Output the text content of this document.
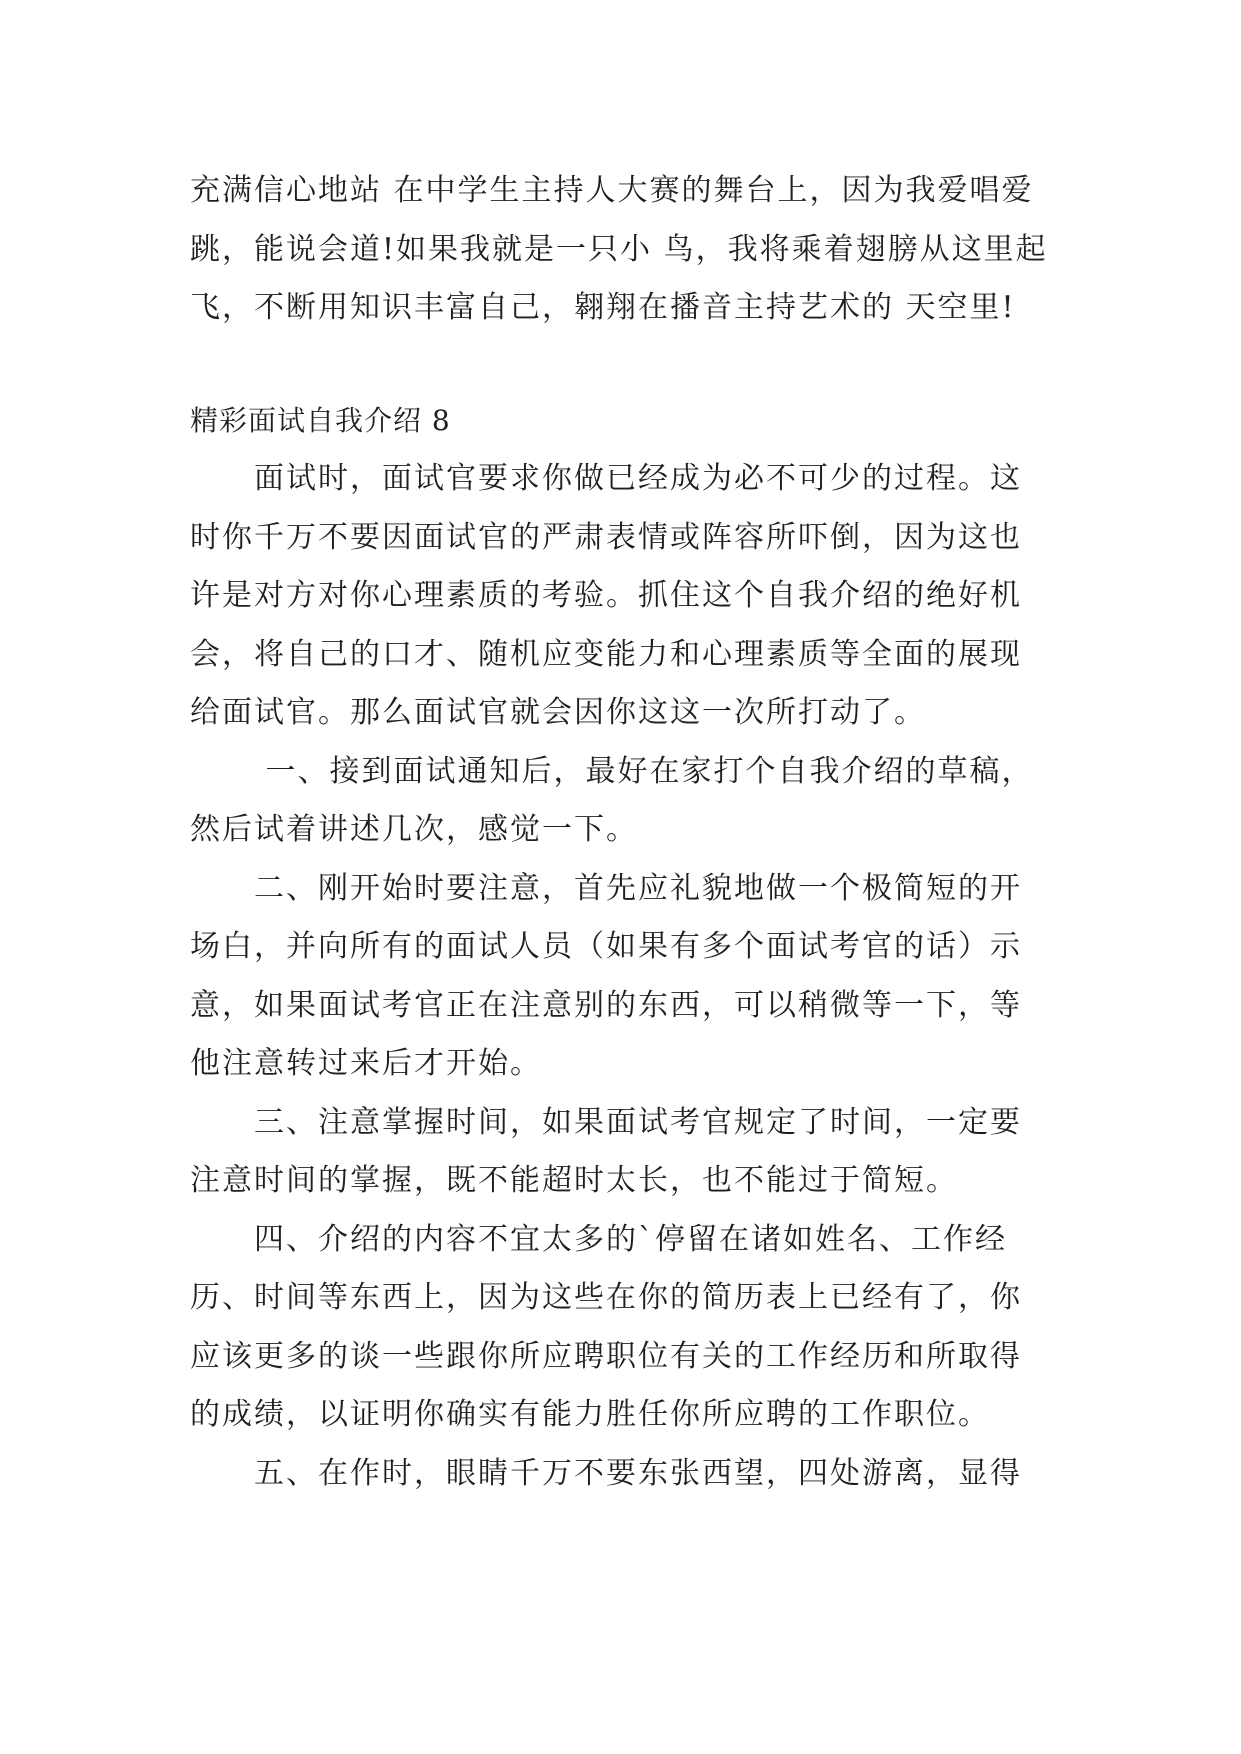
充满信心地站 在中学生主持人大赛的舞台上，因为我爱唱爱跳，能说会道!如果我就是一只小 鸟，我将乘着翅膀从这里起飞，不断用知识丰富自己，翱翔在播音主持艺术的 天空里!

精彩面试自我介绍 8

面试时，面试官要求你做已经成为必不可少的过程。这时你千万不要因面试官的严肃表情或阵容所吓倒，因为这也许是对方对你心理素质的考验。抓住这个自我介绍的绝好机会，将自己的口才、随机应变能力和心理素质等全面的展现给面试官。那么面试官就会因你这这一次所打动了。

一、接到面试通知后，最好在家打个自我介绍的草稿，然后试着讲述几次，感觉一下。

二、刚开始时要注意，首先应礼貌地做一个极简短的开场白，并向所有的面试人员（如果有多个面试考官的话）示意，如果面试考官正在注意别的东西，可以稍微等一下，等他注意转过来后才开始。

三、注意掌握时间，如果面试考官规定了时间，一定要注意时间的掌握，既不能超时太长，也不能过于简短。

四、介绍的内容不宜太多的`停留在诸如姓名、工作经历、时间等东西上，因为这些在你的简历表上已经有了，你应该更多的谈一些跟你所应聘职位有关的工作经历和所取得的成绩，以证明你确实有能力胜任你所应聘的工作职位。

五、在作时，眼睛千万不要东张西望，四处游离，显得
